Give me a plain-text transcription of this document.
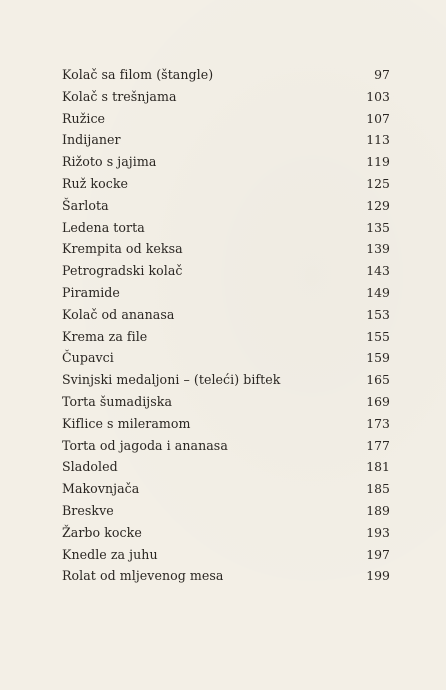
Kolač sa filom (štangle)	97
Kolač s trešnjama	103
Ružice	107
Indijaner	113
Rižoto s jajima	119
Ruž kocke	125
Šarlota	129
Ledena torta	135
Krempita od keksa	139
Petrogradski kolač	143
Piramide	149
Kolač od ananasa	153
Krema za file	155
Čupavci	159
Svinjski medaljoni – (teleći) biftek	165
Torta šumadijska	169
Kiflice s mileramom	173
Torta od jagoda i ananasa	177
Sladoled	181
Makovnjača	185
Breskve	189
Žarbo kocke	193
Knedle za juhu	197
Rolat od mljevenog mesa	199
